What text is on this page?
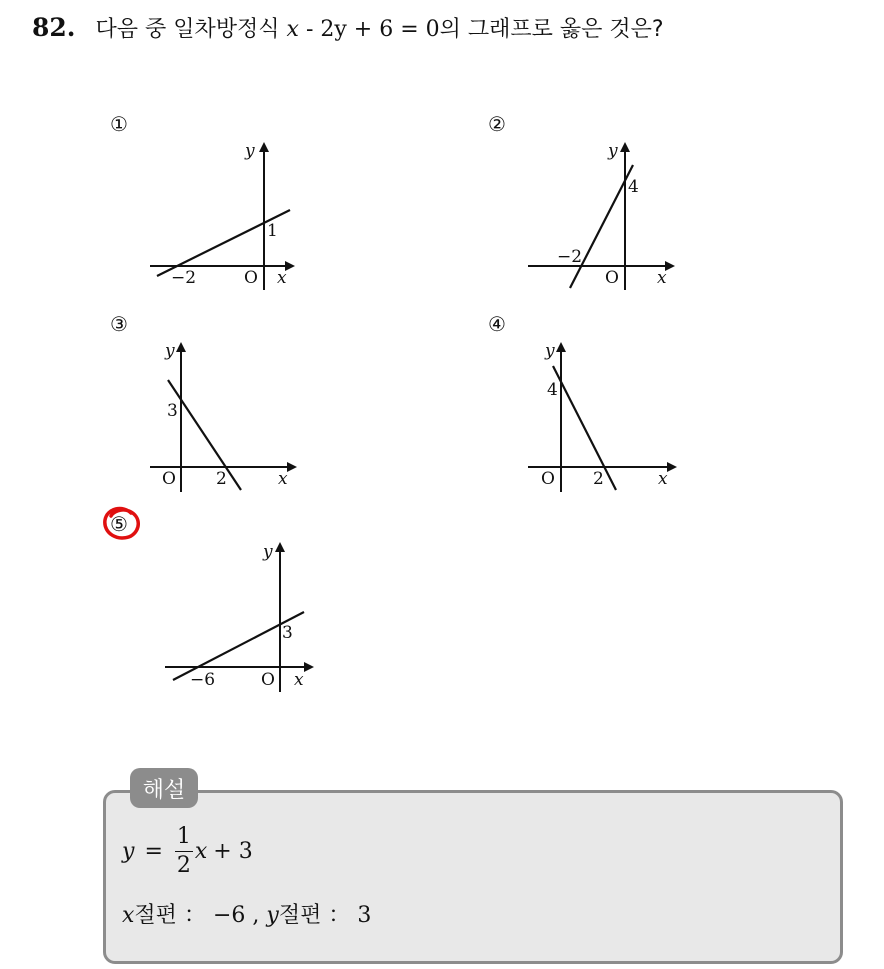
82. 다음 중 일차방정식 x - 2y + 6 = 0의 그래프로 옳은 것은?
①
y
x
O
−2
1
②
y
x
O
−2
4
③
y
x
O 2
3
④
y
x
O 2
4
⑤
y
x
O
−6
3
해설
$y = \frac{1}{2}$ x + 3
x절편 ： −6 , y절편 ： 3
